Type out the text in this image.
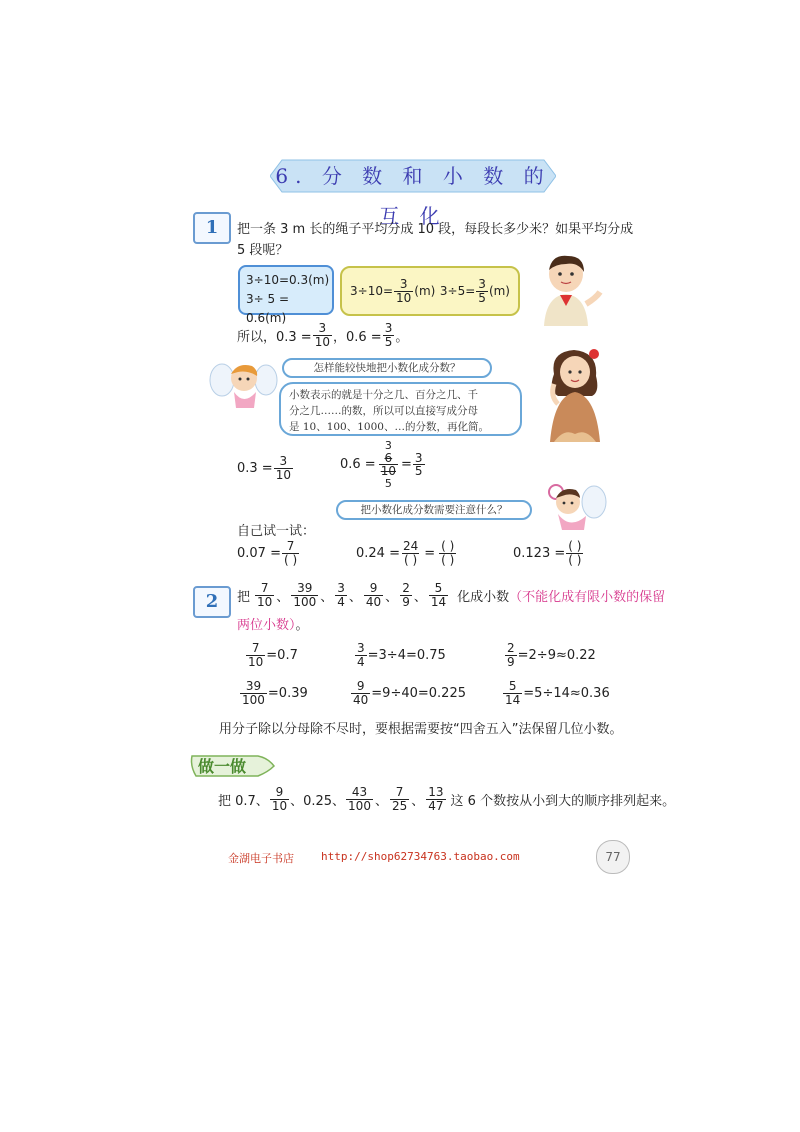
6. 分 数 和 小 数 的 互 化
1	把一条 3 m 长的绳子平均分成 10 段，每段长多少米？如果平均分成
5 段呢？
3÷10=0.3(m)
3÷ 5 = 0.6(m)
$3\div 10= \frac{3}{10} (m)$ $3\div 5= \frac{3}{5} (m)$
所以，$0.3 = \frac{3}{10}$ ，$0.6 = \frac{3}{5}$ 。
怎样能较快地把小数化成分数？
小数表示的就是十分之几、百分之几、千
分之几……的数，所以可以直接写成分母
是 10、100、1000、…的分数，再化简。
$0.3 = \frac{3}{10}$	0.6 =
3
6
10
5
= $\frac{3}{5}$
把小数化成分数需要注意什么？
自己试一试：
$0.07 = \frac{7}{( )}$	$0.24 = \frac{24}{( )} = \frac{( )}{( )}$	$0.123 = \frac{( )}{( )}$
2	把 $\frac{7}{10}$ 、 $\frac{39}{100}$ 、 $\frac{3}{4}$ 、 $\frac{9}{40}$ 、 $\frac{2}{9}$ 、 $\frac{5}{14}$ 化成小数 （不能化成有限小数的保留
两位小数）。
$\frac{7}{10} =0.7$	$\frac{3}{4} =3\div 4=0.75$	$\frac{2}{9} =2\div 9\approx 0.22$
$\frac{39}{100} =0.39$	$\frac{9}{40} =9\div 40=0.225$	$\frac{5}{14} =5\div 14\approx 0.36$
用分子除以分母除不尽时，要根据需要按“四舍五入”法保留几位小数。
做一做
把 0.7、 $\frac{9}{10}$ 、0.25、 $\frac{43}{100}$ 、 $\frac{7}{25}$ 、 $\frac{13}{47}$ 这 6 个数按从小到大的顺序排列起来。
金湖电子书店 http://shop62734763.taobao.com	77
